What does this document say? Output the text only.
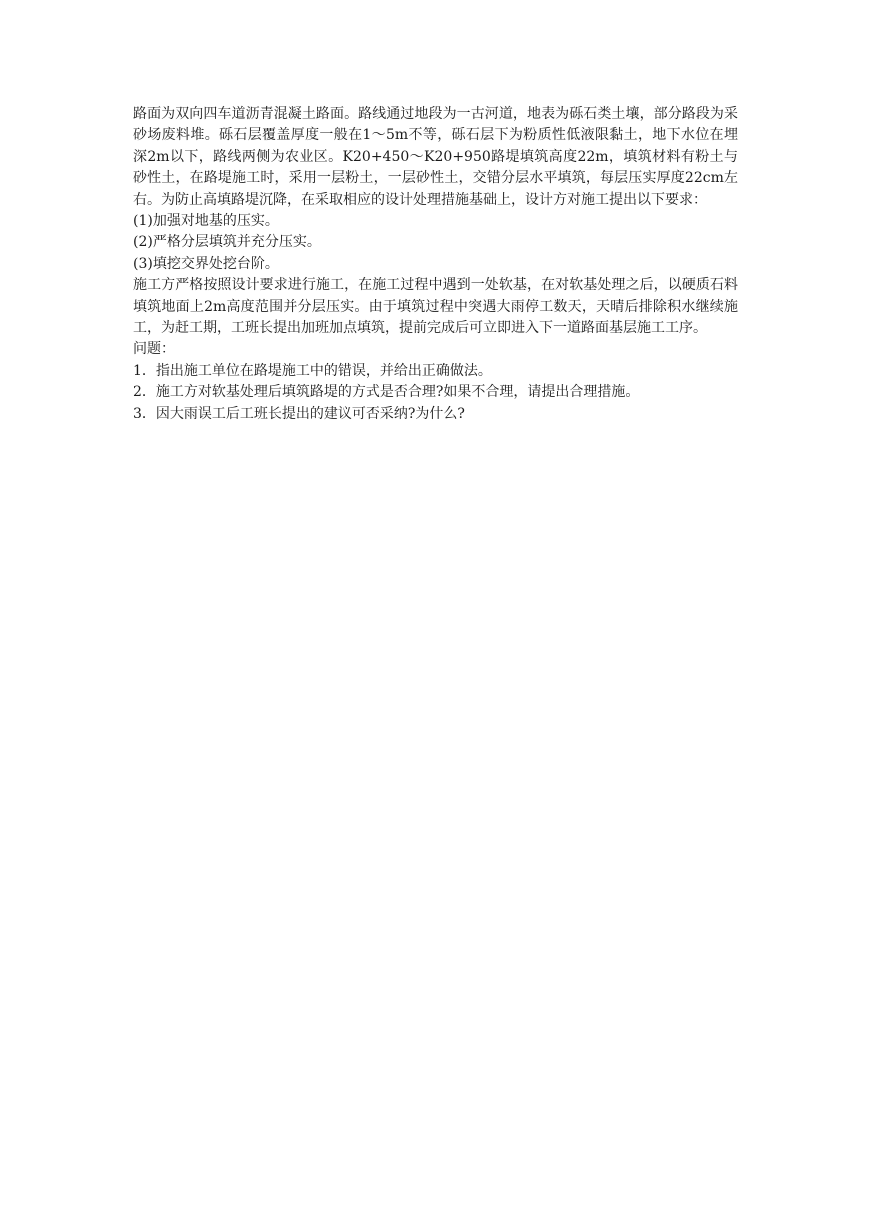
路面为双向四车道沥青混凝土路面。路线通过地段为一古河道，地表为砾石类土壤，部分路段为采砂场废料堆。砾石层覆盖厚度一般在1～5m不等，砾石层下为粉质性低液限黏土，地下水位在埋深2m以下，路线两侧为农业区。K20+450～K20+950路堤填筑高度22m，填筑材料有粉土与砂性土，在路堤施工时，采用一层粉土，一层砂性土，交错分层水平填筑，每层压实厚度22cm左右。为防止高填路堤沉降，在采取相应的设计处理措施基础上，设计方对施工提出以下要求：

(1)加强对地基的压实。

(2)严格分层填筑并充分压实。

(3)填挖交界处挖台阶。

施工方严格按照设计要求进行施工，在施工过程中遇到一处软基，在对软基处理之后，以硬质石料填筑地面上2m高度范围并分层压实。由于填筑过程中突遇大雨停工数天，天晴后排除积水继续施工，为赶工期，工班长提出加班加点填筑，提前完成后可立即进入下一道路面基层施工工序。

问题：

1．指出施工单位在路堤施工中的错误，并给出正确做法。

2．施工方对软基处理后填筑路堤的方式是否合理?如果不合理，请提出合理措施。

3．因大雨误工后工班长提出的建议可否采纳?为什么?
